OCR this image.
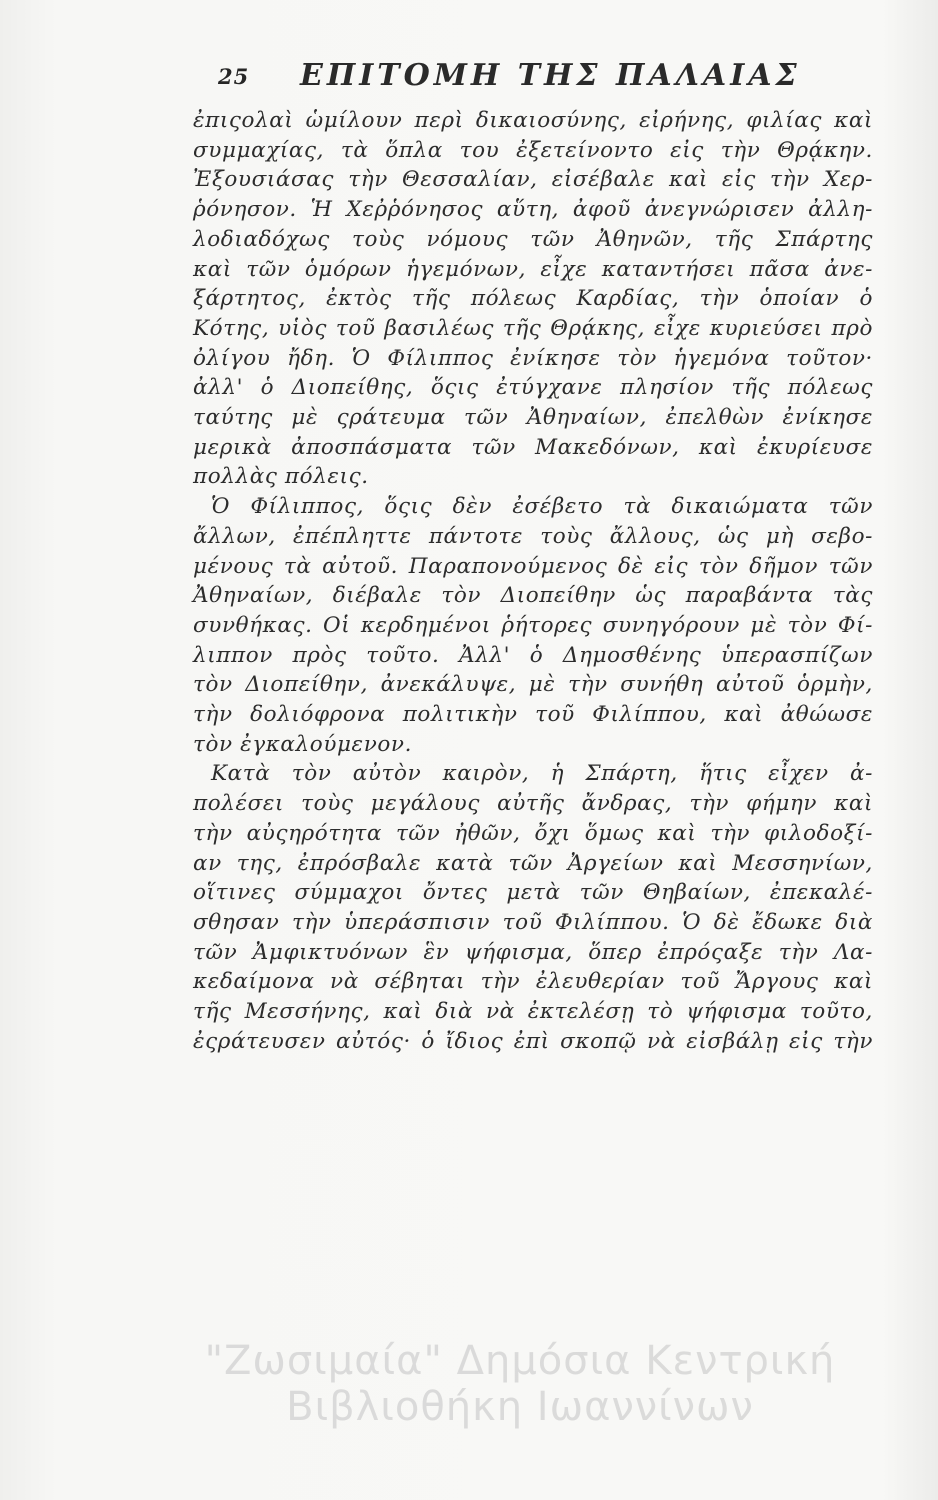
25 ΕΠΙΤΟΜΗ ΤΗΣ ΠΑΛΑΙΑΣ
ἐπιςολαὶ ὡμίλουν περὶ δικαιοσύνης, εἰρήνης, φιλίας καὶ
συμμαχίας, τὰ ὅπλα του ἐξετείνοντο εἰς τὴν Θρᾴκην.
Ἐξουσιάσας τὴν Θεσσαλίαν, εἰσέβαλε καὶ εἰς τὴν Χερ-
ῥόνησον. Ἡ Χεῤῥόνησος αὕτη, ἀφοῦ ἀνεγνώρισεν ἀλλη-
λοδιαδόχως τοὺς νόμους τῶν Ἀθηνῶν, τῆς Σπάρτης
καὶ τῶν ὁμόρων ἡγεμόνων, εἶχε καταντήσει πᾶσα ἀνε-
ξάρτητος, ἐκτὸς τῆς πόλεως Καρδίας, τὴν ὁποίαν ὁ
Κότης, υἱὸς τοῦ βασιλέως τῆς Θρᾴκης, εἶχε κυριεύσει πρὸ
ὀλίγου ἤδη. Ὁ Φίλιππος ἐνίκησε τὸν ἡγεμόνα τοῦτον·
ἀλλ' ὁ Διοπείθης, ὅςις ἐτύγχανε πλησίον τῆς πόλεως
ταύτης μὲ ςράτευμα τῶν Ἀθηναίων, ἐπελθὼν ἐνίκησε
μερικὰ ἀποσπάσματα τῶν Μακεδόνων, καὶ ἐκυρίευσε
πολλὰς πόλεις.
Ὁ Φίλιππος, ὅςις δὲν ἐσέβετο τὰ δικαιώματα τῶν
ἄλλων, ἐπέπληττε πάντοτε τοὺς ἄλλους, ὡς μὴ σεβο-
μένους τὰ αὐτοῦ. Παραπονούμενος δὲ εἰς τὸν δῆμον τῶν
Ἀθηναίων, διέβαλε τὸν Διοπείθην ὡς παραβάντα τὰς
συνθήκας. Οἱ κερδημένοι ῥήτορες συνηγόρουν μὲ τὸν Φί-
λιππον πρὸς τοῦτο. Ἀλλ' ὁ Δημοσθένης ὑπερασπίζων
τὸν Διοπείθην, ἀνεκάλυψε, μὲ τὴν συνήθη αὐτοῦ ὁρμὴν,
τὴν δολιόφρονα πολιτικὴν τοῦ Φιλίππου, καὶ ἀθώωσε
τὸν ἐγκαλούμενον.
Κατὰ τὸν αὐτὸν καιρὸν, ἡ Σπάρτη, ἥτις εἶχεν ἀ-
πολέσει τοὺς μεγάλους αὐτῆς ἄνδρας, τὴν φήμην καὶ
τὴν αὐςηρότητα τῶν ἠθῶν, ὄχι ὅμως καὶ τὴν φιλοδοξί-
αν της, ἐπρόσβαλε κατὰ τῶν Ἀργείων καὶ Μεσσηνίων,
οἵτινες σύμμαχοι ὄντες μετὰ τῶν Θηβαίων, ἐπεκαλέ-
σθησαν τὴν ὑπεράσπισιν τοῦ Φιλίππου. Ὁ δὲ ἔδωκε διὰ
τῶν Ἀμφικτυόνων ἓν ψήφισμα, ὅπερ ἐπρόςαξε τὴν Λα-
κεδαίμονα νὰ σέβηται τὴν ἐλευθερίαν τοῦ Ἄργους καὶ
τῆς Μεσσήνης, καὶ διὰ νὰ ἐκτελέσῃ τὸ ψήφισμα τοῦτο,
ἐςράτευσεν αὐτός· ὁ ἴδιος ἐπὶ σκοπῷ νὰ εἰσβάλῃ εἰς τὴν
"Ζωσιμαία" Δημόσια Κεντρική
Βιβλιοθήκη Ιωαννίνων
